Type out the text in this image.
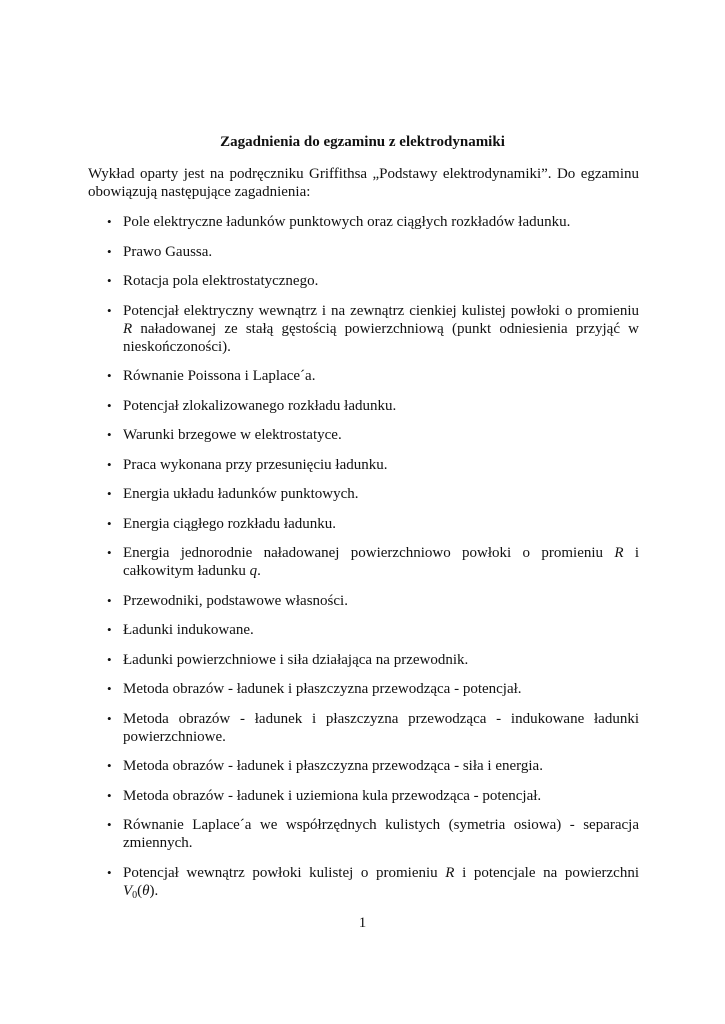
Zagadnienia do egzaminu z elektrodynamiki

Wykład oparty jest na podręczniku Griffithsa „Podstawy elektrodynamiki”. Do egzaminu obowiązują następujące zagadnienia:

• Pole elektryczne ładunków punktowych oraz ciągłych rozkładów ładunku.
• Prawo Gaussa.
• Rotacja pola elektrostatycznego.
• Potencjał elektryczny wewnątrz i na zewnątrz cienkiej kulistej powłoki o promieniu R naładowanej ze stałą gęstością powierzchniową (punkt odniesienia przyjąć w nieskończoności).
• Równanie Poissona i Laplace´a.
• Potencjał zlokalizowanego rozkładu ładunku.
• Warunki brzegowe w elektrostatyce.
• Praca wykonana przy przesunięciu ładunku.
• Energia układu ładunków punktowych.
• Energia ciągłego rozkładu ładunku.
• Energia jednorodnie naładowanej powierzchniowo powłoki o promieniu R i całkowitym ładunku q.
• Przewodniki, podstawowe własności.
• Ładunki indukowane.
• Ładunki powierzchniowe i siła działająca na przewodnik.
• Metoda obrazów - ładunek i płaszczyzna przewodząca - potencjał.
• Metoda obrazów - ładunek i płaszczyzna przewodząca - indukowane ładunki powierzchniowe.
• Metoda obrazów - ładunek i płaszczyzna przewodząca - siła i energia.
• Metoda obrazów - ładunek i uziemiona kula przewodząca - potencjał.
• Równanie Laplace´a we współrzędnych kulistych (symetria osiowa) - separacja zmiennych.
• Potencjał wewnątrz powłoki kulistej o promieniu R i potencjale na powierzchni $V_0(\theta)$.
1
